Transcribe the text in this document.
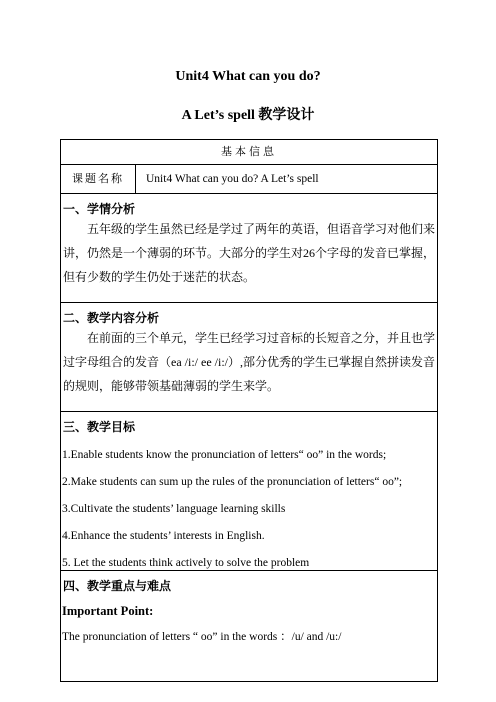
Unit4 What can you do?
A Let’s spell 教学设计
基本信息
课题名称	Unit4 What can you do? A Let’s spell

一、学情分析
五年级的学生虽然已经是学过了两年的英语，但语音学习对他们来讲，仍然是一个薄弱的环节。大部分的学生对26个字母的发音已掌握，但有少数的学生仍处于迷茫的状态。

二、教学内容分析
在前面的三个单元，学生已经学习过音标的长短音之分，并且也学过字母组合的发音（ea /i:/ ee /i:/）,部分优秀的学生已掌握自然拼读发音的规则，能够带领基础薄弱的学生来学。

三、教学目标
1.Enable students know the pronunciation of letters“ oo” in the words;
2.Make students can sum up the rules of the pronunciation of letters“ oo”;
3.Cultivate the students’ language learning skills
4.Enhance the students’ interests in English.
5. Let the students think actively to solve the problem

四、教学重点与难点
Important Point:
The pronunciation of letters “ oo” in the words ：/u/ and /u:/
